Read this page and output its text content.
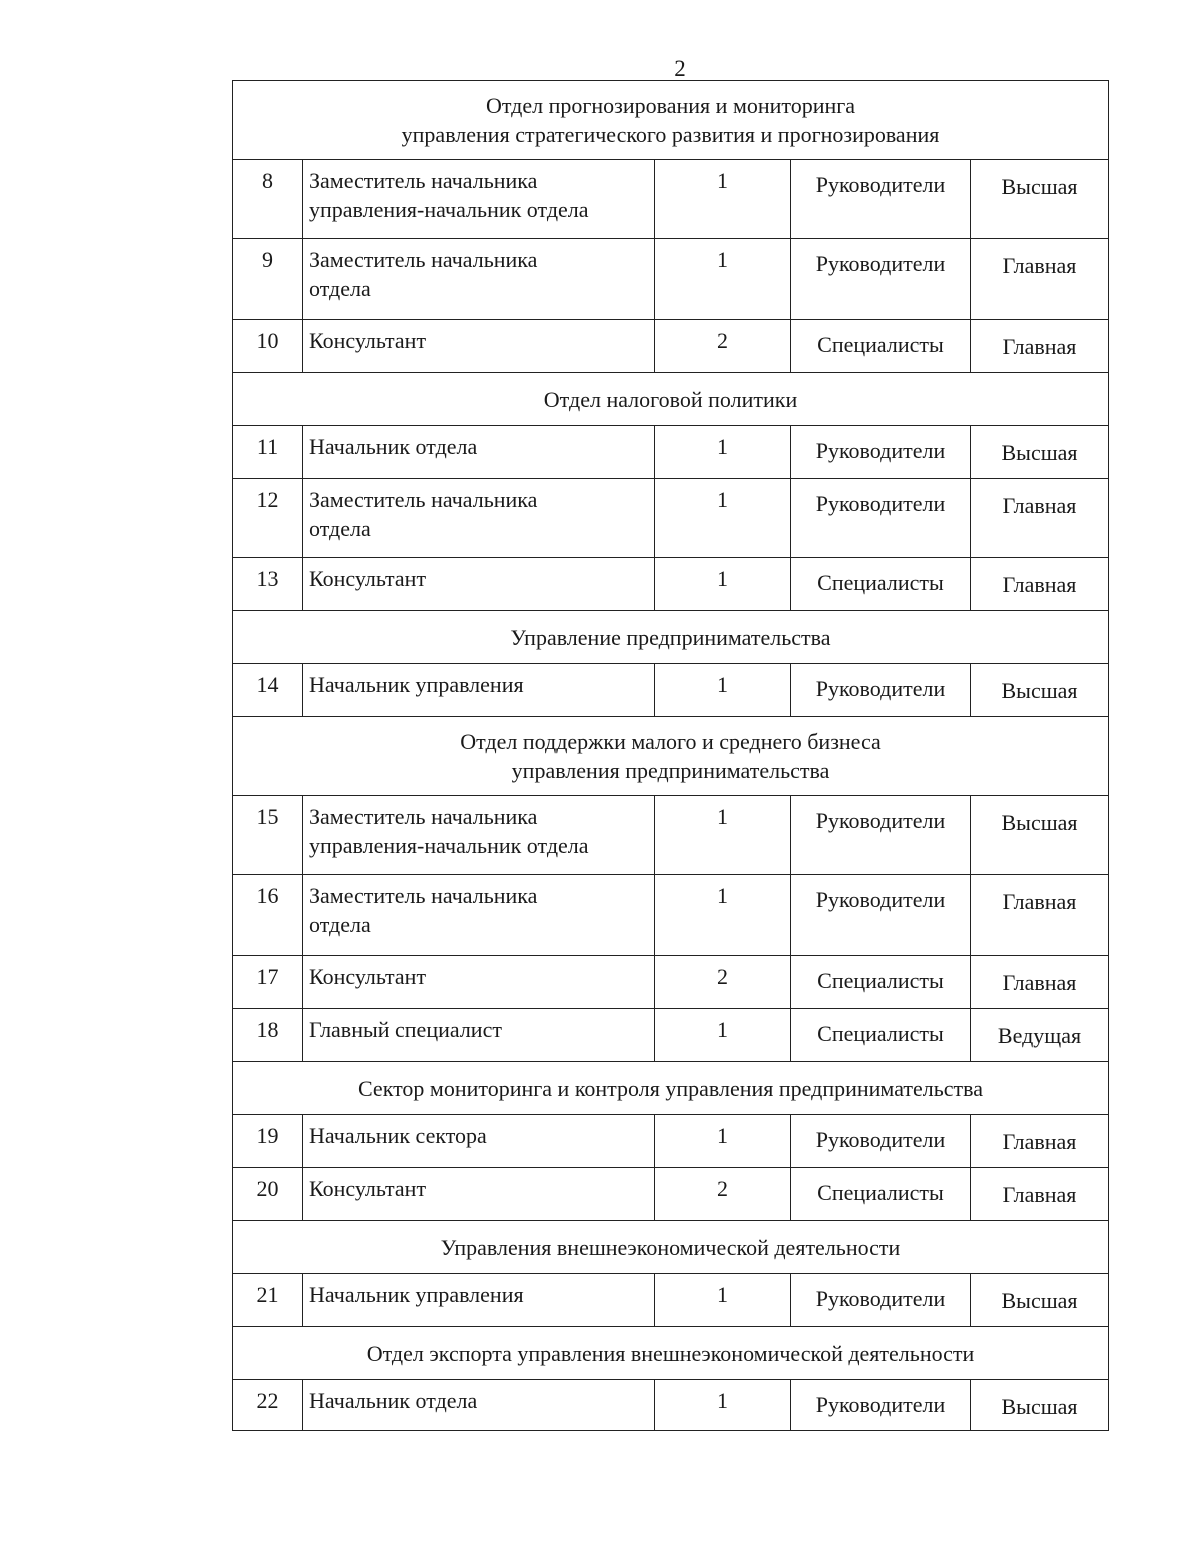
2
Отдел прогнозирования и мониторинга
управления стратегического развития и прогнозирования				

8	Заместитель начальника
управления-начальник отдела	1	Руководители	Высшая
9	Заместитель начальника
отдела	1	Руководители	Главная
10	Консультант	2	Специалисты	Главная

Отдел налоговой политики				

11	Начальник отдела	1	Руководители	Высшая
12	Заместитель начальника
отдела	1	Руководители	Главная
13	Консультант	1	Специалисты	Главная

Управление предпринимательства				

14	Начальник управления	1	Руководители	Высшая

Отдел поддержки малого и среднего бизнеса
управления предпринимательства				

15	Заместитель начальника
управления-начальник отдела	1	Руководители	Высшая
16	Заместитель начальника
отдела	1	Руководители	Главная
17	Консультант	2	Специалисты	Главная
18	Главный специалист	1	Специалисты	Ведущая

Сектор мониторинга и контроля управления предпринимательства				

19	Начальник сектора	1	Руководители	Главная
20	Консультант	2	Специалисты	Главная

Управления внешнеэкономической деятельности				

21	Начальник управления	1	Руководители	Высшая

Отдел экспорта управления внешнеэкономической деятельности				

22	Начальник отдела	1	Руководители	Высшая
